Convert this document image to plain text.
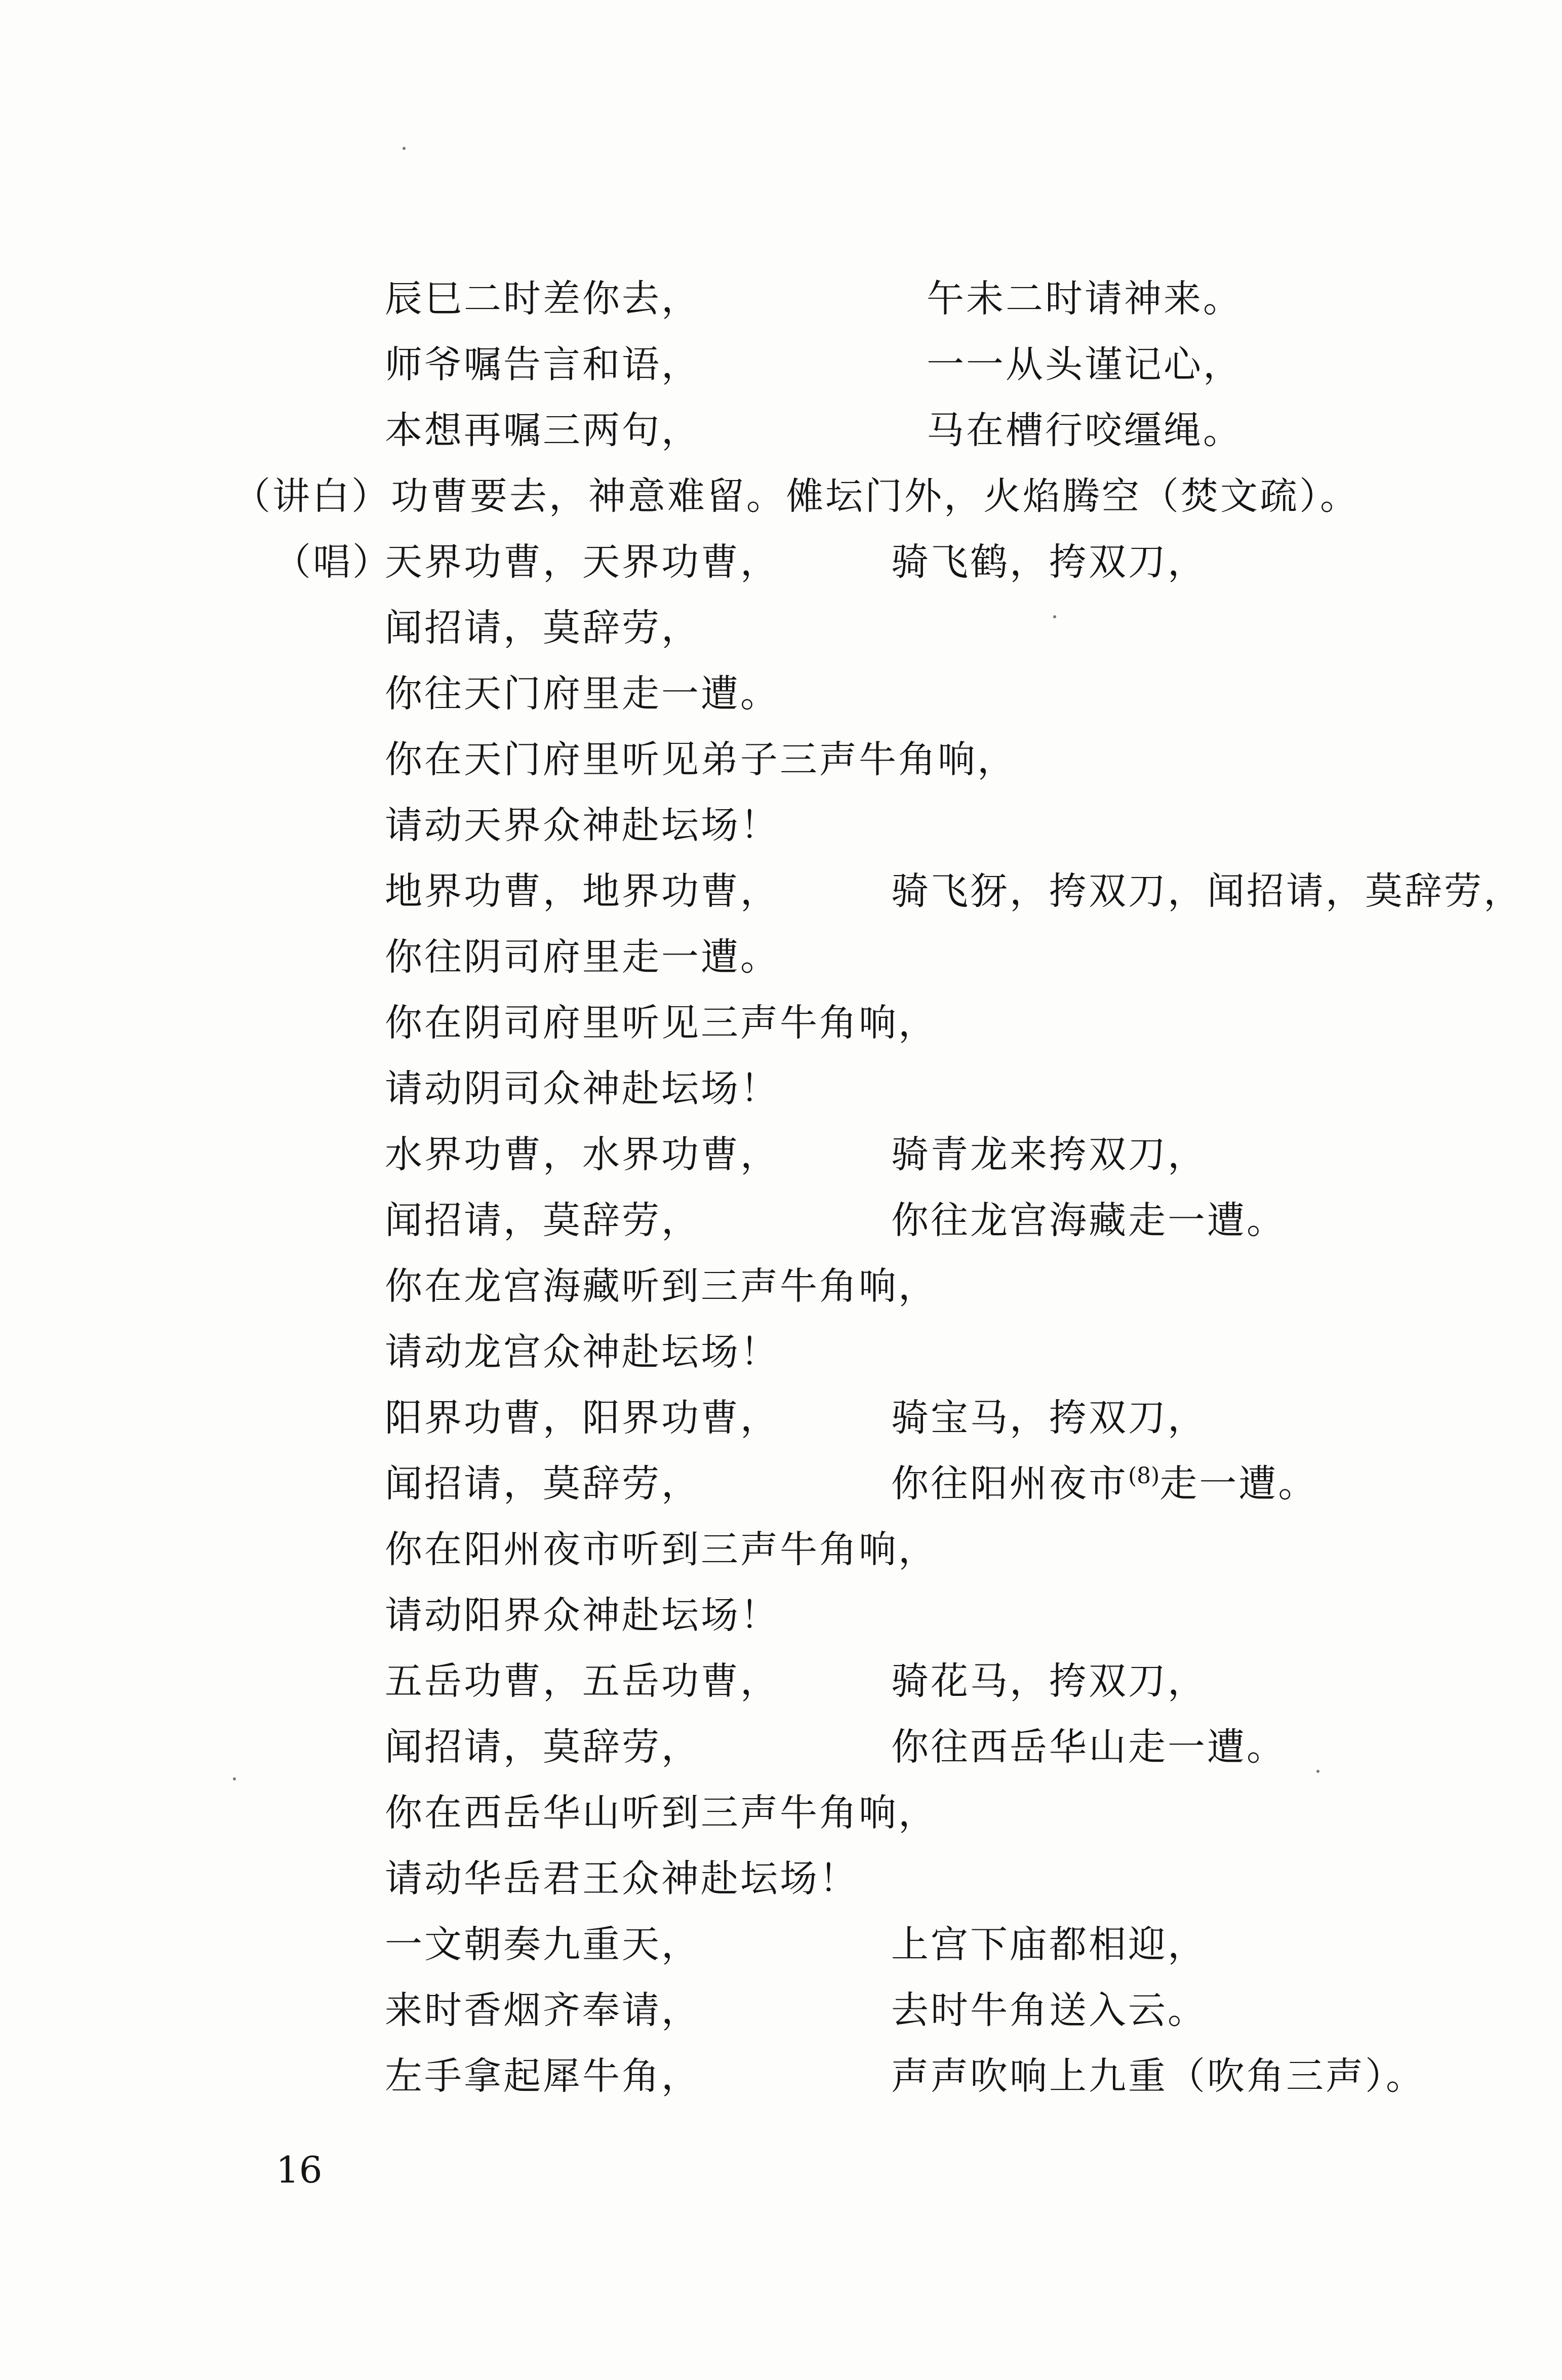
辰巳二时差你去，	午未二时请神来。
师爷嘱告言和语，	一一从头谨记心，
本想再嘱三两句，	马在槽行咬缰绳。
（讲白）功曹要去，神意难留。傩坛门外，火焰腾空（焚文疏）。
（唱）
天界功曹，天界功曹，	骑飞鹤，挎双刀，
闻招请，莫辞劳，
你往天门府里走一遭。
你在天门府里听见弟子三声牛角响，
请动天界众神赴坛场！
地界功曹，地界功曹，	骑飞犽，挎双刀，闻招请，莫辞劳，
你往阴司府里走一遭。
你在阴司府里听见三声牛角响，
请动阴司众神赴坛场！
水界功曹，水界功曹，	骑青龙来挎双刀，
闻招请，莫辞劳，	你往龙宫海藏走一遭。
你在龙宫海藏听到三声牛角响，
请动龙宫众神赴坛场！
阳界功曹，阳界功曹，	骑宝马，挎双刀，
闻招请，莫辞劳，	你往阳州夜市$^{(8)}$走一遭。
你在阳州夜市听到三声牛角响，
请动阳界众神赴坛场！
五岳功曹，五岳功曹，	骑花马，挎双刀，
闻招请，莫辞劳，	你往西岳华山走一遭。
你在西岳华山听到三声牛角响，
请动华岳君王众神赴坛场！
一文朝奏九重天，	上宫下庙都相迎，
来时香烟齐奉请，	去时牛角送入云。
左手拿起犀牛角，	声声吹响上九重（吹角三声）。
16
